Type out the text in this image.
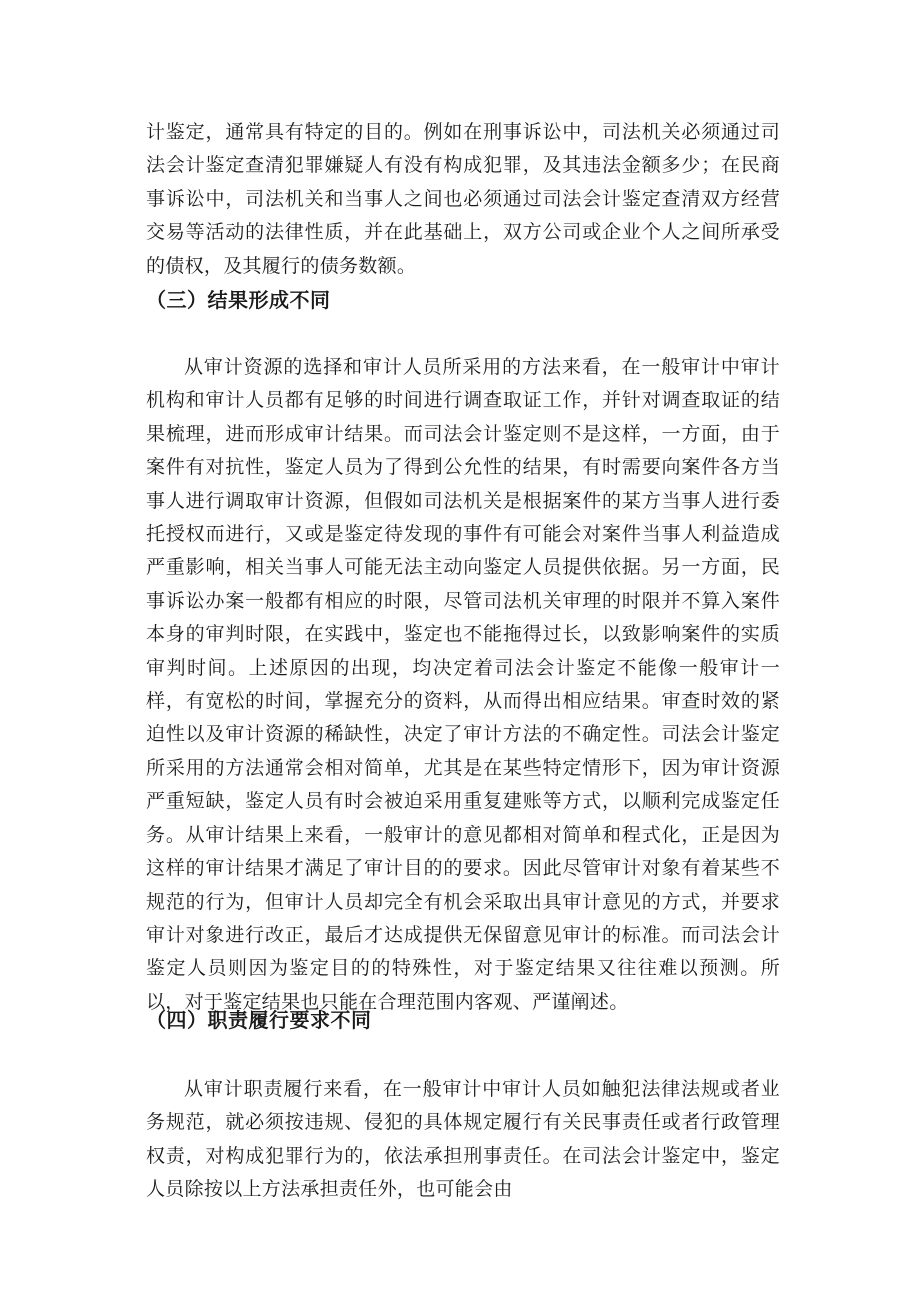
计鉴定，通常具有特定的目的。例如在刑事诉讼中，司法机关必须通过司法会计鉴定查清犯罪嫌疑人有没有构成犯罪，及其违法金额多少；在民商事诉讼中，司法机关和当事人之间也必须通过司法会计鉴定查清双方经营交易等活动的法律性质，并在此基础上，双方公司或企业个人之间所承受的债权，及其履行的债务数额。

（三）结果形成不同

从审计资源的选择和审计人员所采用的方法来看，在一般审计中审计机构和审计人员都有足够的时间进行调查取证工作，并针对调查取证的结果梳理，进而形成审计结果。而司法会计鉴定则不是这样，一方面，由于案件有对抗性，鉴定人员为了得到公允性的结果，有时需要向案件各方当事人进行调取审计资源，但假如司法机关是根据案件的某方当事人进行委托授权而进行，又或是鉴定待发现的事件有可能会对案件当事人利益造成严重影响，相关当事人可能无法主动向鉴定人员提供依据。另一方面，民事诉讼办案一般都有相应的时限，尽管司法机关审理的时限并不算入案件本身的审判时限，在实践中，鉴定也不能拖得过长，以致影响案件的实质审判时间。上述原因的出现，均决定着司法会计鉴定不能像一般审计一样，有宽松的时间，掌握充分的资料，从而得出相应结果。审查时效的紧迫性以及审计资源的稀缺性，决定了审计方法的不确定性。司法会计鉴定所采用的方法通常会相对简单，尤其是在某些特定情形下，因为审计资源严重短缺，鉴定人员有时会被迫采用重复建账等方式，以顺利完成鉴定任务。从审计结果上来看，一般审计的意见都相对简单和程式化，正是因为这样的审计结果才满足了审计目的的要求。因此尽管审计对象有着某些不规范的行为，但审计人员却完全有机会采取出具审计意见的方式，并要求审计对象进行改正，最后才达成提供无保留意见审计的标准。而司法会计鉴定人员则因为鉴定目的的特殊性，对于鉴定结果又往往难以预测。所以，对于鉴定结果也只能在合理范围内客观、严谨阐述。

（四）职责履行要求不同

从审计职责履行来看，在一般审计中审计人员如触犯法律法规或者业务规范，就必须按违规、侵犯的具体规定履行有关民事责任或者行政管理权责，对构成犯罪行为的，依法承担刑事责任。在司法会计鉴定中，鉴定人员除按以上方法承担责任外，也可能会由
